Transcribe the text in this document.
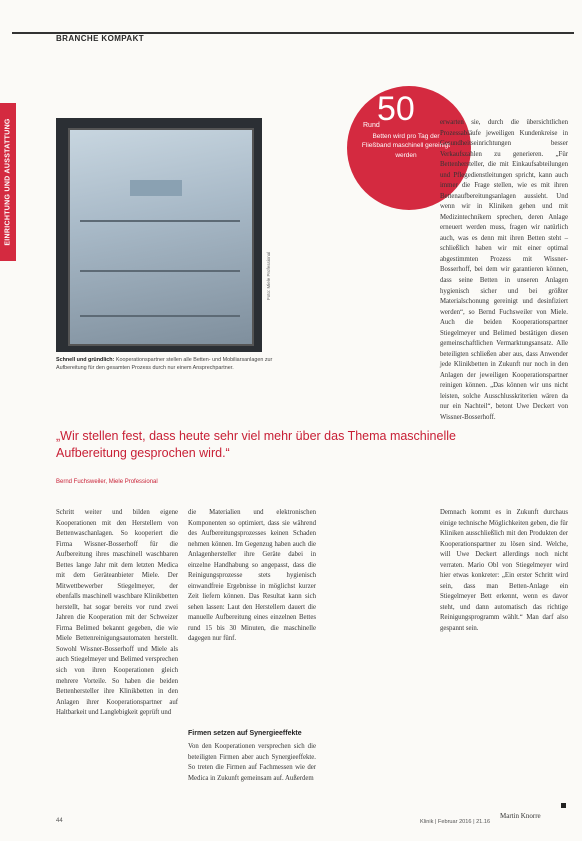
BRANCHE KOMPAKT
EINRICHTUNG UND AUSSTATTUNG
Foto: Miele Professional
Schnell und gründlich: Kooperationspartner stellen alle Betten- und Mobiliarsanlagen zur Aufbereitung für den gesamten Prozess durch nur einem Ansprechpartner.
Rund
50
Betten wird pro Tag der Fließband maschinell gereinigt werden
erwarten sie, durch die übersichtlichen Prozessabläufe jeweiligen Kundenkreise in Gesundheitseinrichtungen besser Verkaufszahlen zu generieren. „Für Bettenhersteller, die mit Einkaufsabteilungen und Pflegedienstleitungen spricht, kann auch immer die Frage stellen, wie es mit ihren Bettenaufbereitungsanlagen aussieht. Und wenn wir in Kliniken gehen und mit Medizintechnikern sprechen, deren Anlage erneuert werden muss, fragen wir natürlich auch, was es denn mit ihren Betten steht – schließlich haben wir mit einer optimal abgestimmten Prozess mit Wissner-Bosserhoff, bei dem wir garantieren können, dass seine Betten in unseren Anlagen hygienisch sicher und bei größter Materialschonung gereinigt und desinfiziert werden“, so Bernd Fuchsweiler von Miele. Auch die beiden Kooperationspartner Stiegelmeyer und Belimed bestätigen diesen gemeinschaftlichen Vermarktungsansatz. Alle beteiligten schließen aber aus, dass Anwender jede Klinikbetten in Zukunft nur noch in den Anlagen der jeweiligen Kooperationspartner reinigen können. „Das können wir uns nicht leisten, solche Ausschlusskriterien wären da nur ein Nachteil“, betont Uwe Deckert von Wissner-Bosserhoff.
„Wir stellen fest, dass heute sehr viel mehr über das Thema maschinelle Aufbereitung gesprochen wird.“
Bernd Fuchsweiler, Miele Professional
Schritt weiter und bilden eigene Kooperationen mit den Herstellern von Bettenwaschanlagen. So kooperiert die Firma Wissner-Bosserhoff für die Aufbereitung ihres maschinell waschbaren Bettes lange Jahr mit dem letzten Medica mit dem Geräteanbieter Miele. Der Mitwettbewerber Stiegelmeyer, der ebenfalls maschinell waschbare Klinikbetten herstellt, hat sogar bereits vor rund zwei Jahren die Kooperation mit der Schweizer Firma Belimed bekannt gegeben, die wie Miele Bettenreinigungsautomaten herstellt. Sowohl Wissner-Bosserhoff und Miele als auch Stiegelmeyer und Belimed versprechen sich von ihren Kooperationen gleich mehrere Vorteile. So haben die beiden Bettenhersteller ihre Klinikbetten in den Anlagen ihrer Kooperationspartner auf Haltbarkeit und Langlebigkeit geprüft und
die Materialien und elektronischen Komponenten so optimiert, dass sie während des Aufbereitungsprozesses keinen Schaden nehmen können. Im Gegenzug haben auch die Anlagenhersteller ihre Geräte dabei in einzelne Handhabung so angepasst, dass die Reinigungsprozesse stets hygienisch einwandfreie Ergebnisse in möglichst kurzer Zeit liefern können. Das Resultat kann sich sehen lassen: Laut den Herstellern dauert die manuelle Aufbereitung eines einzelnen Bettes rund 15 bis 30 Minuten, die maschinelle dagegen nur fünf.
Firmen setzen auf Synergieeffekte
Von den Kooperationen versprechen sich die beteiligten Firmen aber auch Synergieeffekte. So treten die Firmen auf Fachmessen wie der Medica in Zukunft gemeinsam auf. Außerdem
Demnach kommt es in Zukunft durchaus einige technische Möglichkeiten geben, die für Kliniken ausschließlich mit den Produkten der Kooperationspartner zu lösen sind. Welche, will Uwe Deckert allerdings noch nicht verraten. Mario Obl von Stiegelmeyer wird hier etwas konkreter: „Ein erster Schritt wird sein, dass man Betten-Anlage ein Stiegelmeyer Bett erkennt, wenn es davor steht, und dann automatisch das richtige Reinigungsprogramm wählt.“ Man darf also gespannt sein.
Martin Knorre
44	Klinik | Februar 2016 | 21.16
